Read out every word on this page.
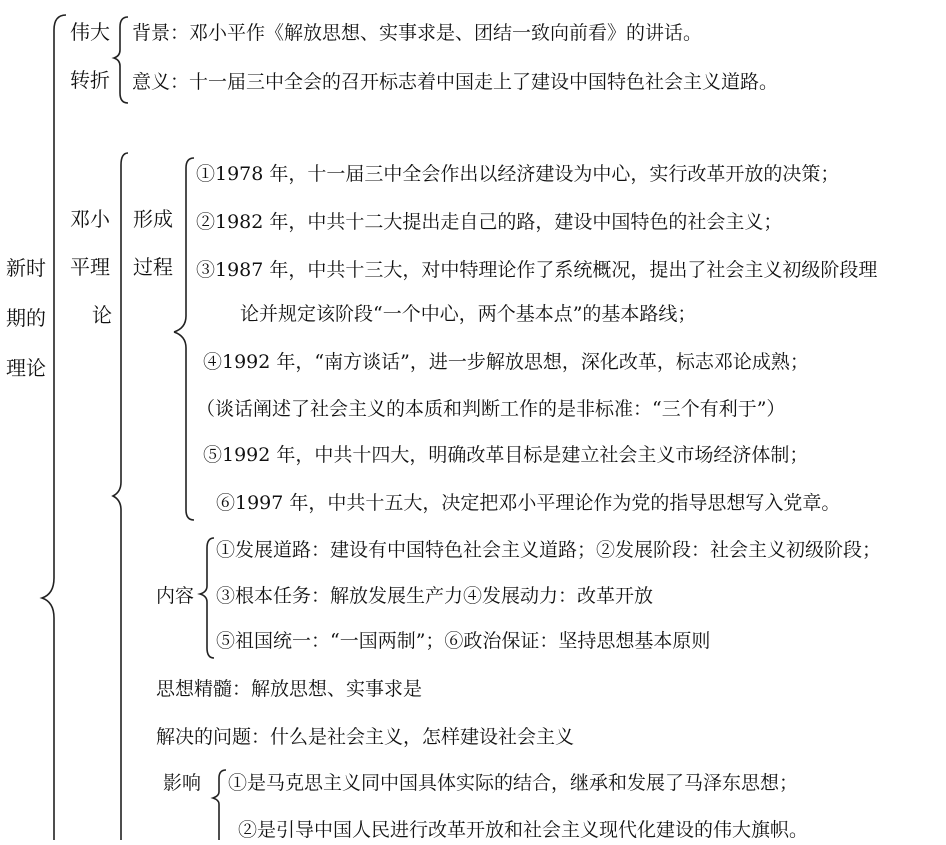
新时
期的
理论
伟大
转折
背景：邓小平作《解放思想、实事求是、团结一致向前看》的讲话。
意义：十一届三中全会的召开标志着中国走上了建设中国特色社会主义道路。
邓小
平理
论
形成
过程
①1978 年，十一届三中全会作出以经济建设为中心，实行改革开放的决策；
②1982 年，中共十二大提出走自己的路，建设中国特色的社会主义；
③1987 年，中共十三大，对中特理论作了系统概况，提出了社会主义初级阶段理
论并规定该阶段“一个中心，两个基本点”的基本路线；
④1992 年，“南方谈话”，进一步解放思想，深化改革，标志邓论成熟；
（谈话阐述了社会主义的本质和判断工作的是非标准：“三个有利于”）
⑤1992 年，中共十四大，明确改革目标是建立社会主义市场经济体制；
⑥1997 年，中共十五大，决定把邓小平理论作为党的指导思想写入党章。
内容
①发展道路：建设有中国特色社会主义道路；②发展阶段：社会主义初级阶段；
③根本任务：解放发展生产力④发展动力：改革开放
⑤祖国统一：“一国两制”；⑥政治保证：坚持思想基本原则
思想精髓：解放思想、实事求是
解决的问题：什么是社会主义，怎样建设社会主义
影响 ①是马克思主义同中国具体实际的结合，继承和发展了马泽东思想；
②是引导中国人民进行改革开放和社会主义现代化建设的伟大旗帜。
